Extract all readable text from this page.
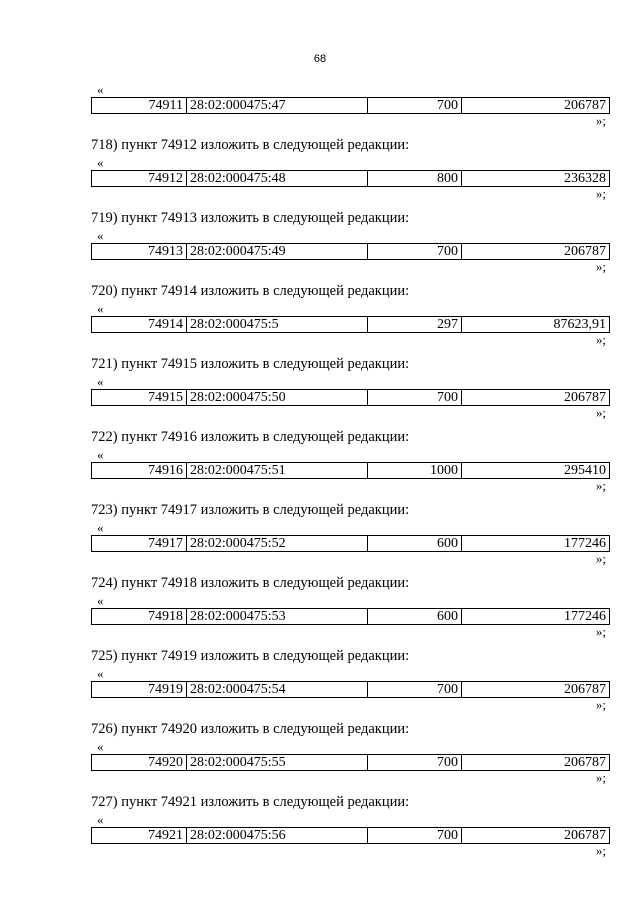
68
«
74911	28:02:000475:47	700	206787
»;
718) пункт 74912 изложить в следующей редакции:
«
74912	28:02:000475:48	800	236328
»;
719) пункт 74913 изложить в следующей редакции:
«
74913	28:02:000475:49	700	206787
»;
720) пункт 74914 изложить в следующей редакции:
«
74914	28:02:000475:5	297	87623,91
»;
721) пункт 74915 изложить в следующей редакции:
«
74915	28:02:000475:50	700	206787
»;
722) пункт 74916 изложить в следующей редакции:
«
74916	28:02:000475:51	1000	295410
»;
723) пункт 74917 изложить в следующей редакции:
«
74917	28:02:000475:52	600	177246
»;
724) пункт 74918 изложить в следующей редакции:
«
74918	28:02:000475:53	600	177246
»;
725) пункт 74919 изложить в следующей редакции:
«
74919	28:02:000475:54	700	206787
»;
726) пункт 74920 изложить в следующей редакции:
«
74920	28:02:000475:55	700	206787
»;
727) пункт 74921 изложить в следующей редакции:
«
74921	28:02:000475:56	700	206787
»;
